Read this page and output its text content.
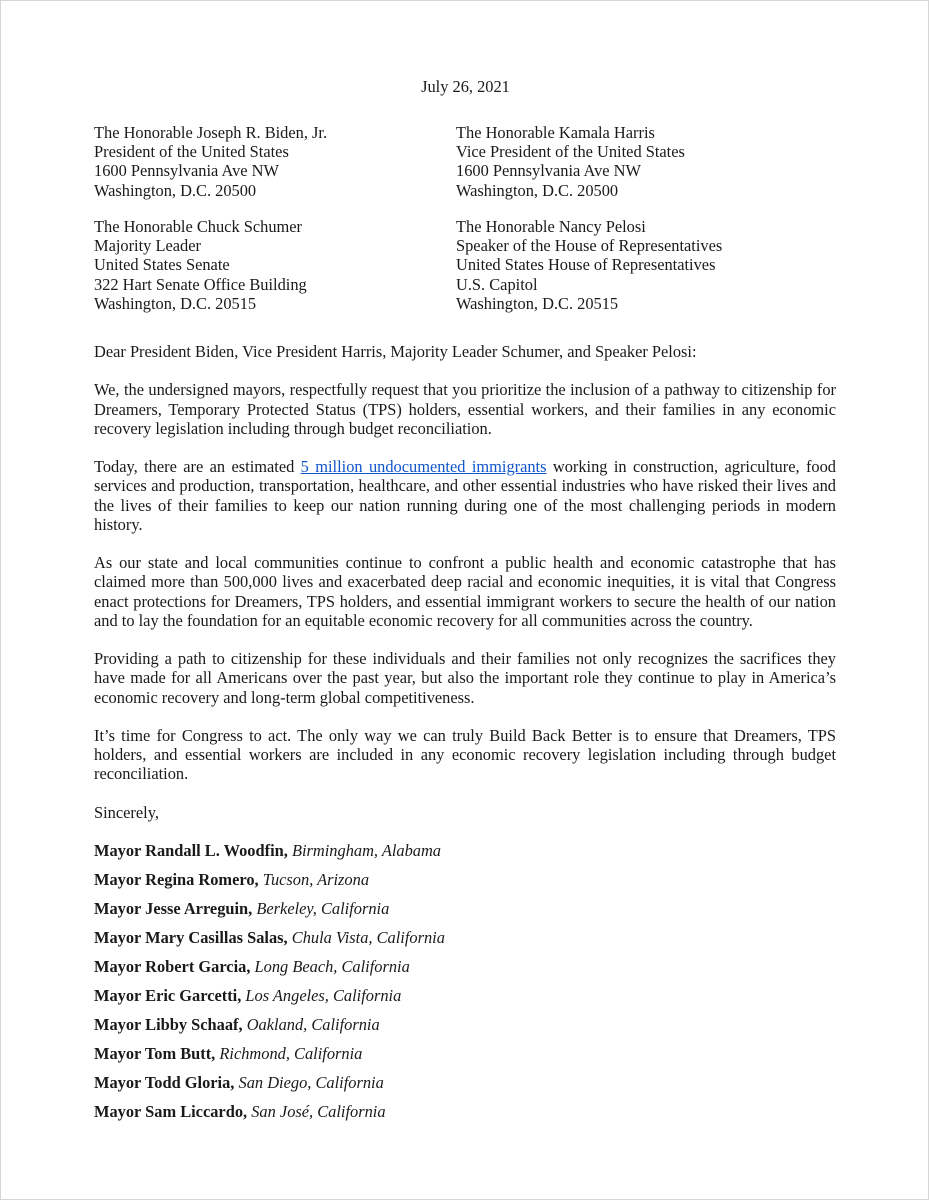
July 26, 2021
The Honorable Joseph R. Biden, Jr.
President of the United States
1600 Pennsylvania Ave NW
Washington, D.C. 20500
The Honorable Kamala Harris
Vice President of the United States
1600 Pennsylvania Ave NW
Washington, D.C. 20500
The Honorable Chuck Schumer
Majority Leader
United States Senate
322 Hart Senate Office Building
Washington, D.C. 20515
The Honorable Nancy Pelosi
Speaker of the House of Representatives
United States House of Representatives
U.S. Capitol
Washington, D.C. 20515

Dear President Biden, Vice President Harris, Majority Leader Schumer, and Speaker Pelosi:

We, the undersigned mayors, respectfully request that you prioritize the inclusion of a pathway to citizenship for Dreamers, Temporary Protected Status (TPS) holders, essential workers, and their families in any economic recovery legislation including through budget reconciliation.

Today, there are an estimated 5 million undocumented immigrants working in construction, agriculture, food services and production, transportation, healthcare, and other essential industries who have risked their lives and the lives of their families to keep our nation running during one of the most challenging periods in modern history.

As our state and local communities continue to confront a public health and economic catastrophe that has claimed more than 500,000 lives and exacerbated deep racial and economic inequities, it is vital that Congress enact protections for Dreamers, TPS holders, and essential immigrant workers to secure the health of our nation and to lay the foundation for an equitable economic recovery for all communities across the country.

Providing a path to citizenship for these individuals and their families not only recognizes the sacrifices they have made for all Americans over the past year, but also the important role they continue to play in America’s economic recovery and long-term global competitiveness.

It’s time for Congress to act. The only way we can truly Build Back Better is to ensure that Dreamers, TPS holders, and essential workers are included in any economic recovery legislation including through budget reconciliation.

Sincerely,

Mayor Randall L. Woodfin, Birmingham, Alabama
Mayor Regina Romero, Tucson, Arizona
Mayor Jesse Arreguin, Berkeley, California
Mayor Mary Casillas Salas, Chula Vista, California
Mayor Robert Garcia, Long Beach, California
Mayor Eric Garcetti, Los Angeles, California
Mayor Libby Schaaf, Oakland, California
Mayor Tom Butt, Richmond, California
Mayor Todd Gloria, San Diego, California
Mayor Sam Liccardo, San José, California
